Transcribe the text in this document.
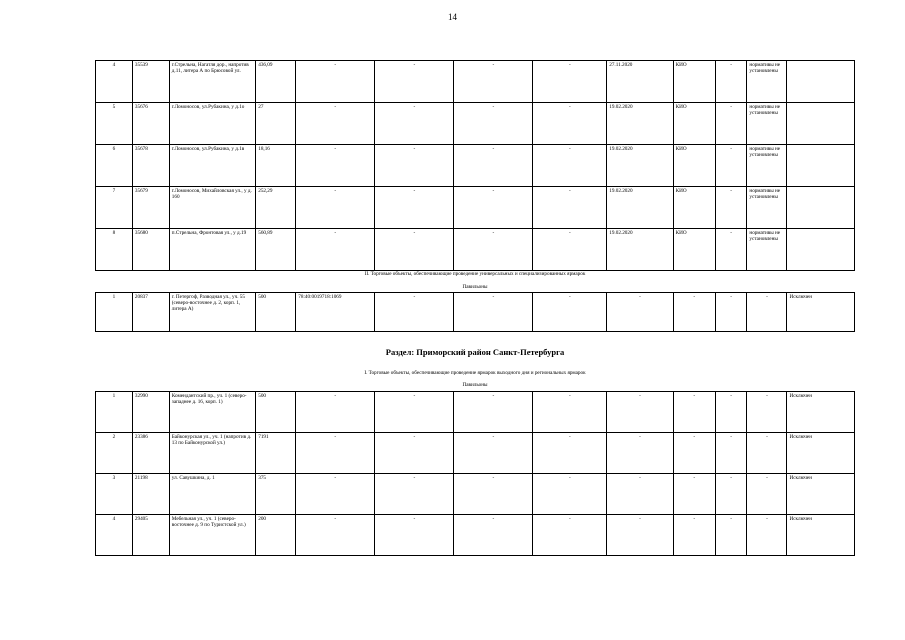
14
4	35539	г.Стрельна, Нагатля дор., напротив д.11, литера А по Брюсовой ул.	436,09	-	-	-	-	27.11.2020	КИО	-	нормативы не установлены	
5	35676	г.Ломоносов, ул.Рубакина, у д.1о	27	-	-	-	-	19.02.2020	КИО	-	нормативы не установлены	
6	35678	г.Ломоносов, ул.Рубакина, у д.1в	18,16	-	-	-	-	19.02.2020	КИО	-	нормативы не установлены	
7	35679	г.Ломоносов, Михайловская ул., у д. 160	252,29	-	-	-	-	19.02.2020	КИО	-	нормативы не установлены	
8	35680	п.Стрельна, Фронтовая ул., у д.19	560,89	-	-	-	-	19.02.2020	КИО	-	нормативы не установлены	
II. Торговые объекты, обеспечивающие проведение универсальных и специализированных ярмарок
Павильоны
1	20837	г. Петергоф, Разводная ул., уч. 55 (северо-восточнее д. 2, корп. 1, литера А)	500	78:40:0019718:1069	-	-	-	-	-	-	-	Исключен
Раздел: Приморский район Санкт-Петербурга
I. Торговые объекты, обеспечивающие проведение ярмарок выходного дня и региональных ярмарок
Павильоны
1	32990	Комендантский пр., уч. 1 (северо-западнее д. 16, корп. 1)	500	-	-	-	-	-	-	-	-	Исключен
2	23386	Байконурская ул., уч. 1 (напротив д. 13 по Байконурской ул.)	7191	-	-	-	-	-	-	-	-	Исключен
3	21198	ул. Савушкина, д. 1	375	-	-	-	-	-	-	-	-	Исключен
4	29405	Мебельная ул., уч. 1 (северо-восточнее д. 9 по Туристской ул.)	200	-	-	-	-	-	-	-	-	Исключен
